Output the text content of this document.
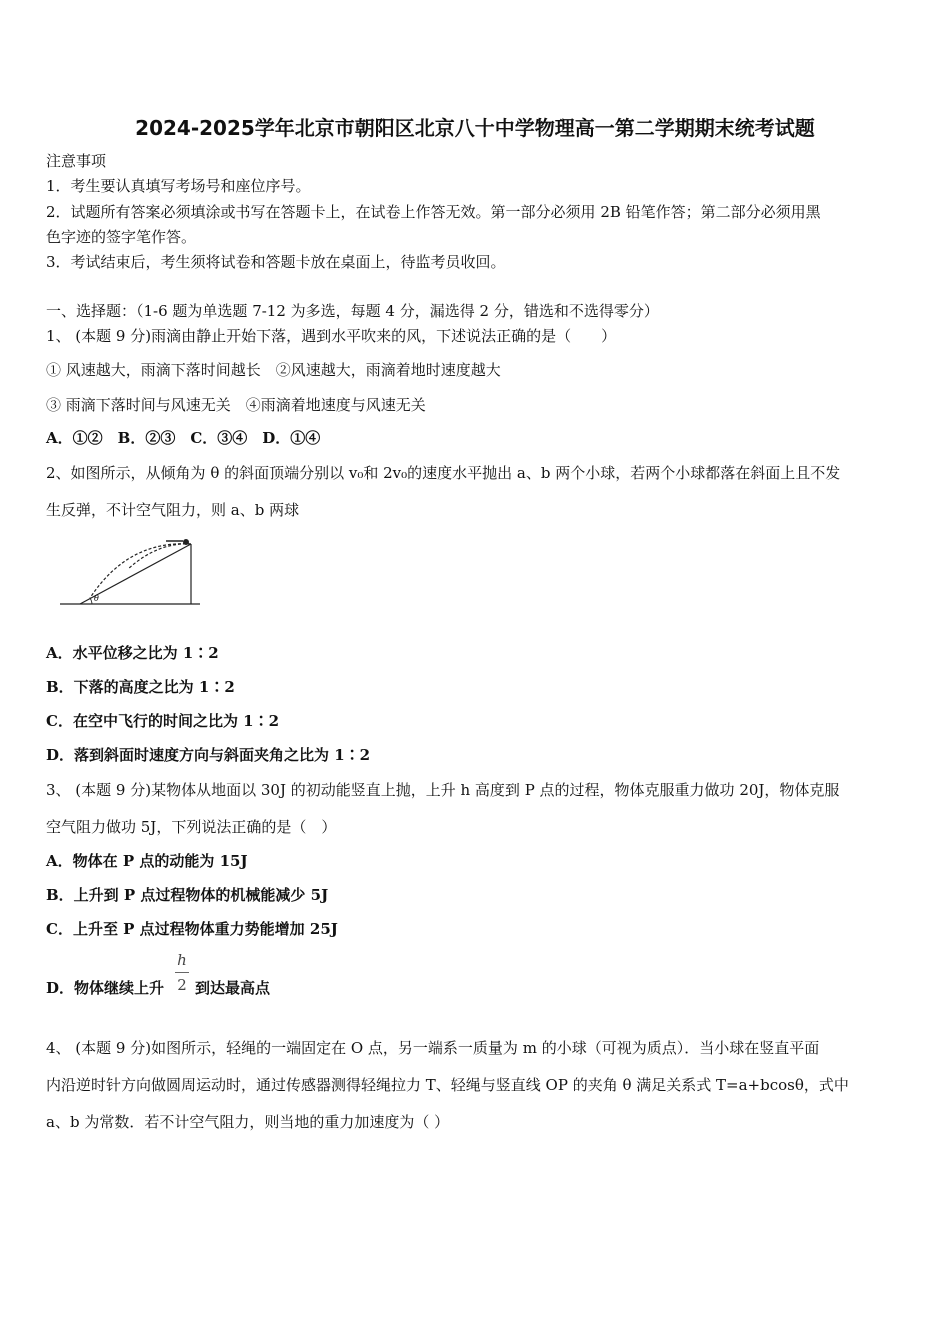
2024-2025学年北京市朝阳区北京八十中学物理高一第二学期期末统考试题
注意事项
1．考生要认真填写考场号和座位序号。
2．试题所有答案必须填涂或书写在答题卡上，在试卷上作答无效。第一部分必须用 2B 铅笔作答；第二部分必须用黑
色字迹的签字笔作答。
3．考试结束后，考生须将试卷和答题卡放在桌面上，待监考员收回。
一、选择题：（1-6 题为单选题 7-12 为多选，每题 4 分，漏选得 2 分，错选和不选得零分）
1、 (本题 9 分)雨滴由静止开始下落，遇到水平吹来的风，下述说法正确的是（　　）
① 风速越大，雨滴下落时间越长　②风速越大，雨滴着地时速度越大
③ 雨滴下落时间与风速无关　④雨滴着地速度与风速无关
A．①②　B．②③　C．③④　D．①④
2、如图所示，从倾角为 θ 的斜面顶端分别以 v₀和 2v₀的速度水平抛出 a、b 两个小球，若两个小球都落在斜面上且不发
生反弹，不计空气阻力，则 a、b 两球
θ
A．水平位移之比为 1∶2
B．下落的高度之比为 1∶2
C．在空中飞行的时间之比为 1∶2
D．落到斜面时速度方向与斜面夹角之比为 1∶2
3、 (本题 9 分)某物体从地面以 30J 的初动能竖直上抛，上升 h 高度到 P 点的过程，物体克服重力做功 20J，物体克服
空气阻力做功 5J，下列说法正确的是（　）
A．物体在 P 点的动能为 15J
B．上升到 P 点过程物体的机械能减少 5J
C．上升至 P 点过程物体重力势能增加 25J
D．物体继续上升
h
2 到达最高点
4、 (本题 9 分)如图所示，轻绳的一端固定在 O 点，另一端系一质量为 m 的小球（可视为质点）．当小球在竖直平面
内沿逆时针方向做圆周运动时，通过传感器测得轻绳拉力 T、轻绳与竖直线 OP 的夹角 θ 满足关系式 T=a+bcosθ，式中
a、b 为常数．若不计空气阻力，则当地的重力加速度为（ ）
